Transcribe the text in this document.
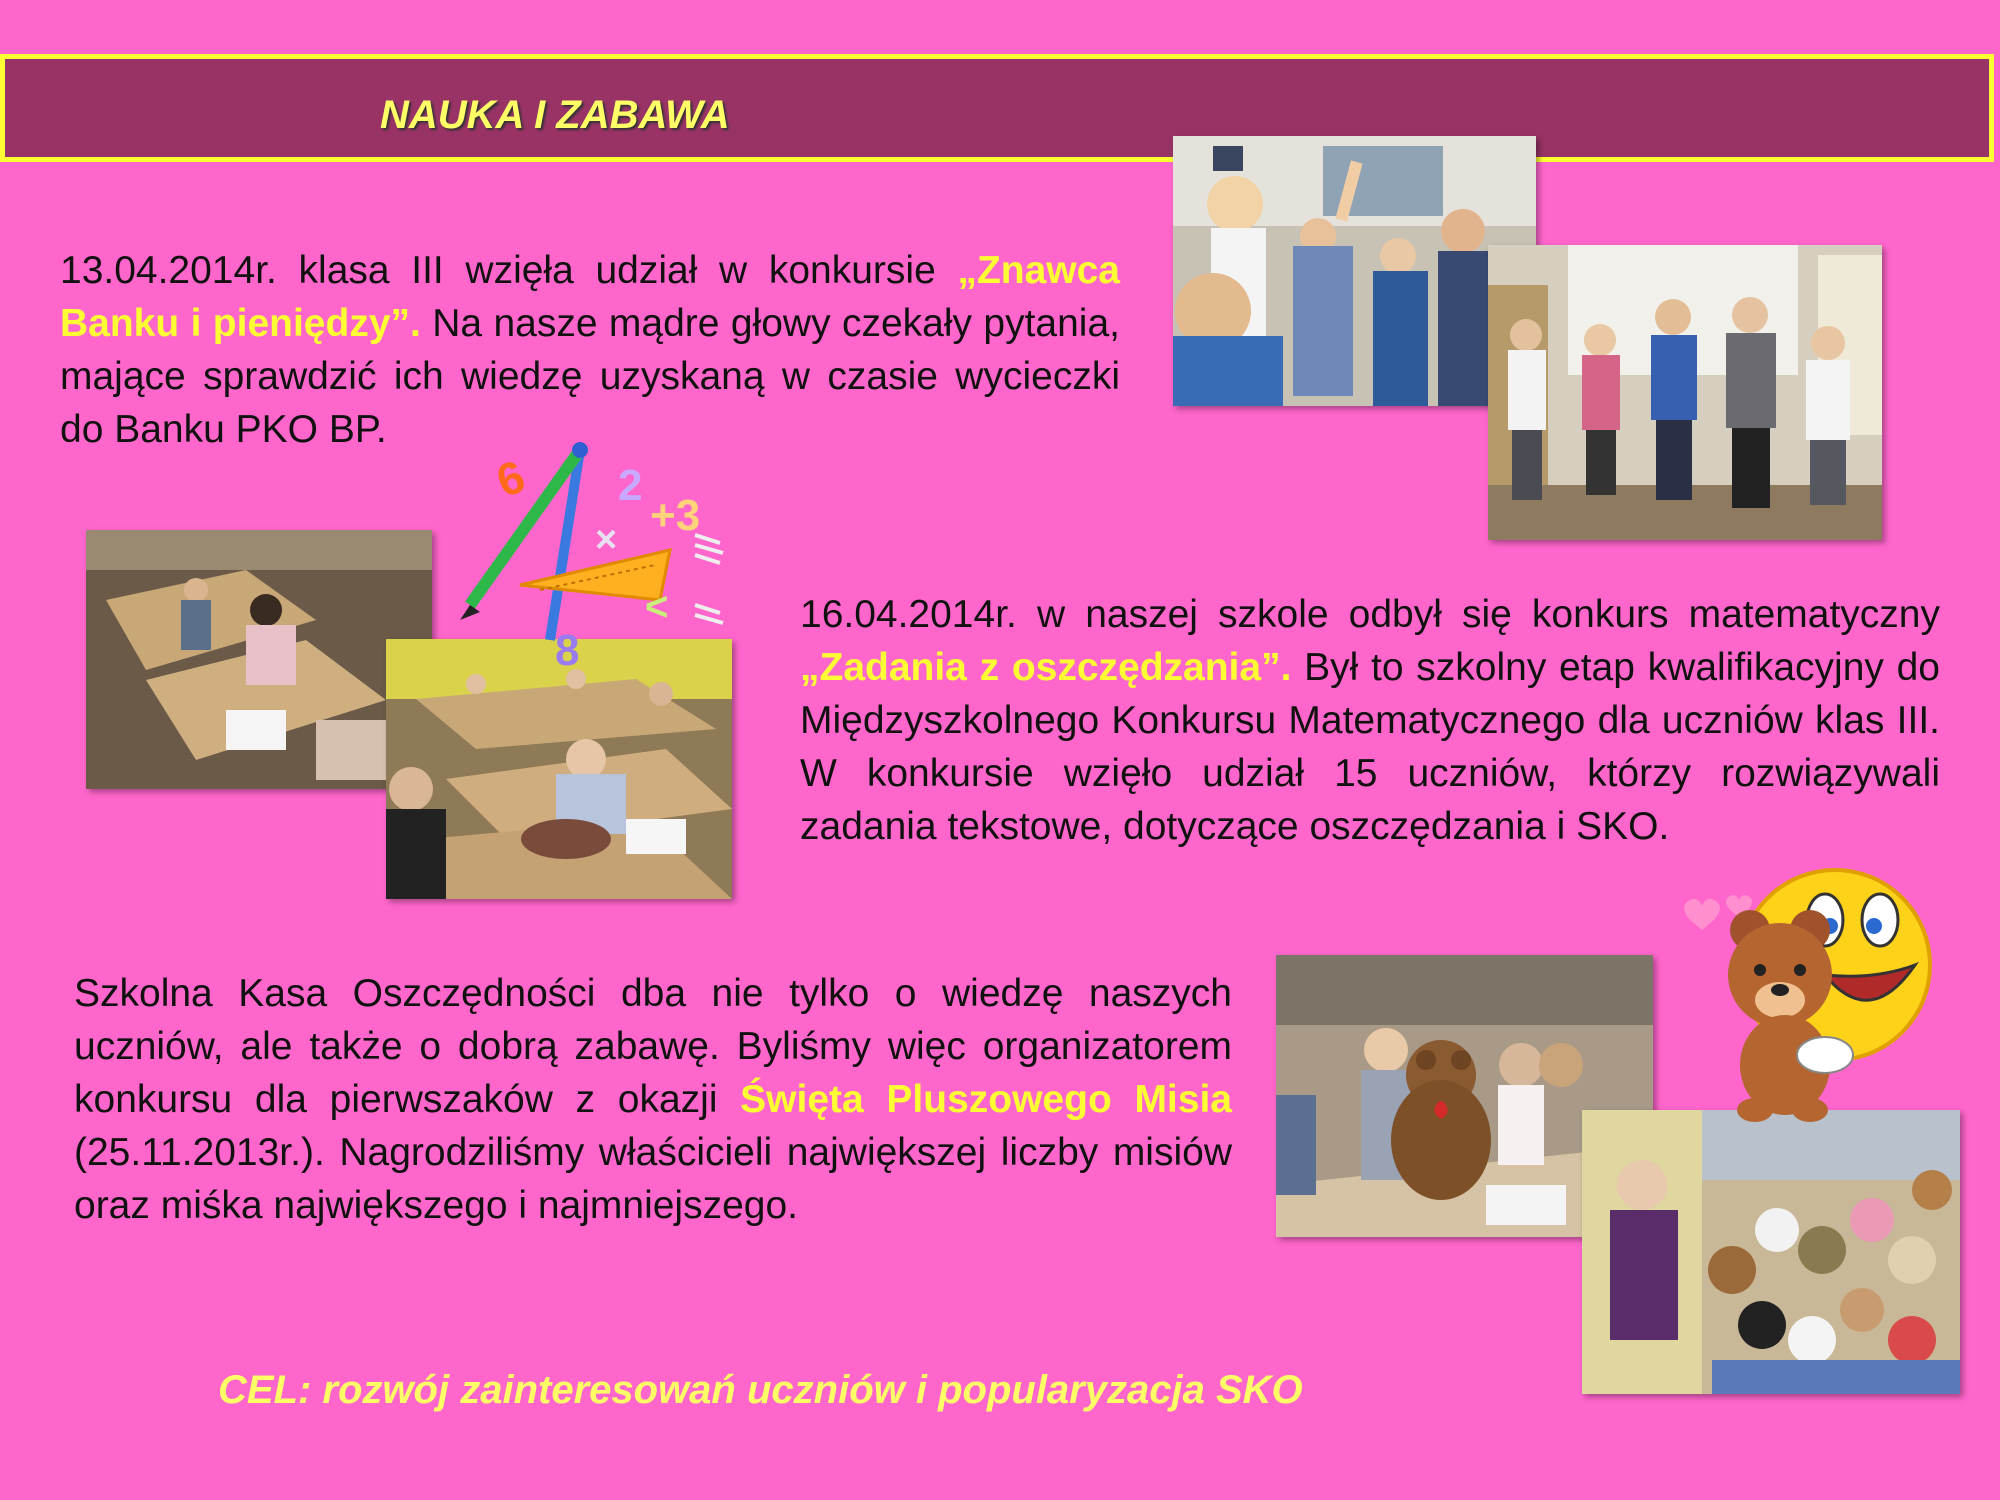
NAUKA I ZABAWA
13.04.2014r. klasa III wzięła udział w konkursie „Znawca Banku i pieniędzy”. Na nasze mądre głowy czekały pytania, mające sprawdzić ich wiedzę uzyskaną w czasie wycieczki do Banku PKO BP.
16.04.2014r. w naszej szkole odbył się konkurs matematyczny „Zadania z oszczędzania”. Był to szkolny etap kwalifikacyjny do Międzyszkolnego Konkursu Matematycznego dla uczniów klas III. W konkursie wzięło udział 15 uczniów, którzy rozwiązywali zadania tekstowe, dotyczące oszczędzania i SKO.
Szkolna Kasa Oszczędności dba nie tylko o wiedzę naszych uczniów, ale także o dobrą zabawę. Byliśmy więc organizatorem konkursu dla pierwszaków z okazji Święta Pluszowego Misia (25.11.2013r.). Nagrodziliśmy właścicieli największej liczby misiów oraz miśka największego i najmniejszego.
CEL: rozwój zainteresowań uczniów i popularyzacja SKO
6 2
+3
×
8
<
